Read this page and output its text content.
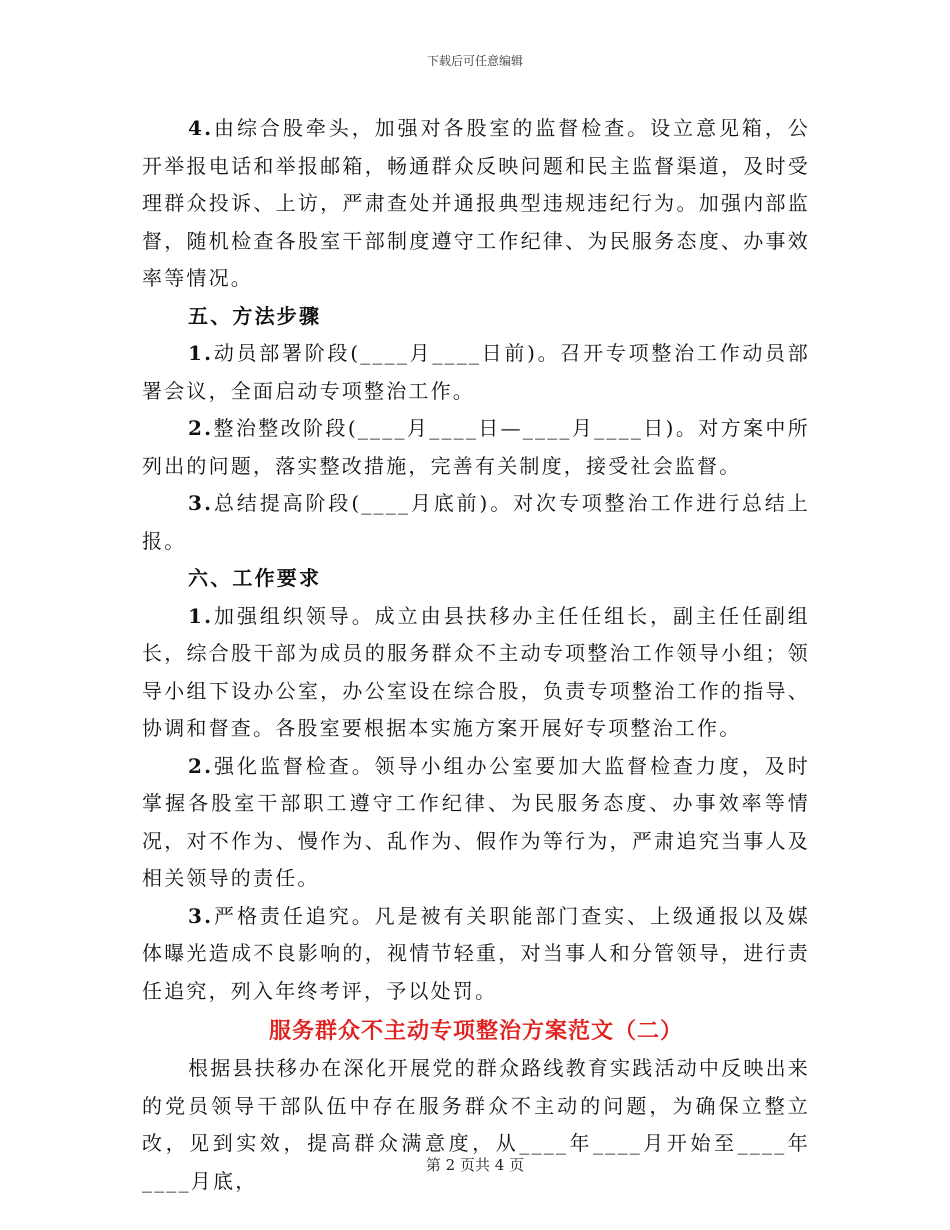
下载后可任意编辑

4.由综合股牵头，加强对各股室的监督检查。设立意见箱，公开举报电话和举报邮箱，畅通群众反映问题和民主监督渠道，及时受理群众投诉、上访，严肃查处并通报典型违规违纪行为。加强内部监督，随机检查各股室干部制度遵守工作纪律、为民服务态度、办事效率等情况。

五、方法步骤

1.动员部署阶段(____月____日前)。召开专项整治工作动员部署会议，全面启动专项整治工作。

2.整治整改阶段(____月____日—____月____日)。对方案中所列出的问题，落实整改措施，完善有关制度，接受社会监督。

3.总结提高阶段(____月底前)。对次专项整治工作进行总结上报。

六、工作要求

1.加强组织领导。成立由县扶移办主任任组长，副主任任副组长，综合股干部为成员的服务群众不主动专项整治工作领导小组；领导小组下设办公室，办公室设在综合股，负责专项整治工作的指导、协调和督查。各股室要根据本实施方案开展好专项整治工作。

2.强化监督检查。领导小组办公室要加大监督检查力度，及时掌握各股室干部职工遵守工作纪律、为民服务态度、办事效率等情况，对不作为、慢作为、乱作为、假作为等行为，严肃追究当事人及相关领导的责任。

3.严格责任追究。凡是被有关职能部门查实、上级通报以及媒体曝光造成不良影响的，视情节轻重，对当事人和分管领导，进行责任追究，列入年终考评，予以处罚。

服务群众不主动专项整治方案范文（二）

根据县扶移办在深化开展党的群众路线教育实践活动中反映出来的党员领导干部队伍中存在服务群众不主动的问题，为确保立整立改，见到实效，提高群众满意度，从____年____月开始至____年____月底，

第 2 页共 4 页
